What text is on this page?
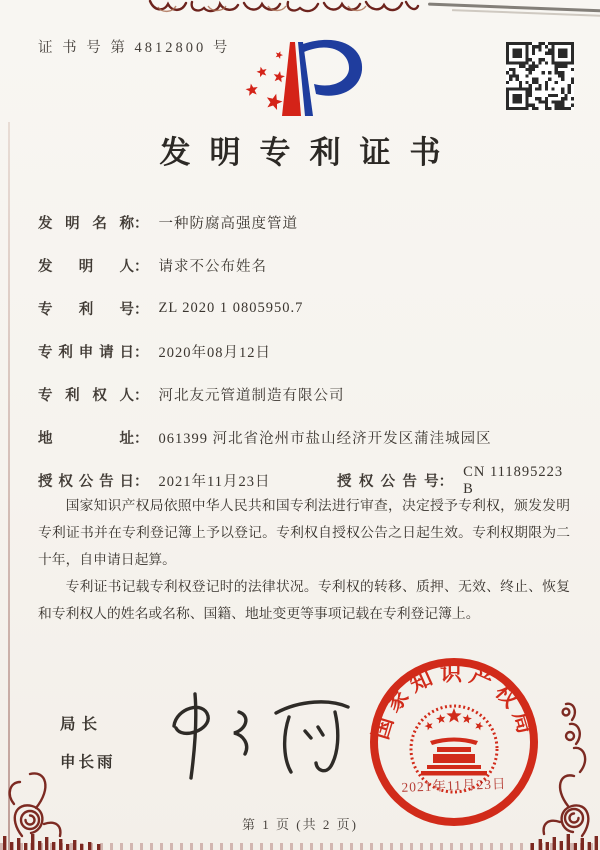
证 书 号 第 4812800 号
发明专利证书
发明名称 ： 一种防腐高强度管道
发明人 ： 请求不公布姓名
专利号 ： ZL 2020 1 0805950.7
专利申请日 ： 2020年08月12日
专利权人 ： 河北友元管道制造有限公司
地址 ： 061399 河北省沧州市盐山经济开发区蒲洼城园区
授权公告日 ： 2021年11月23日	授权公告号 ：
CN 111895223 B

国家知识产权局依照中华人民共和国专利法进行审查，决定授予专利权，颁发发明专利证书并在专利登记簿上予以登记。专利权自授权公告之日起生效。专利权期限为二十年，自申请日起算。

专利证书记载专利权登记时的法律状况。专利权的转移、质押、无效、终止、恢复和专利权人的姓名或名称、国籍、地址变更等事项记载在专利登记簿上。

局长
申长雨
国家知识产权局
2021年11月23日
第 1 页 (共 2 页)
